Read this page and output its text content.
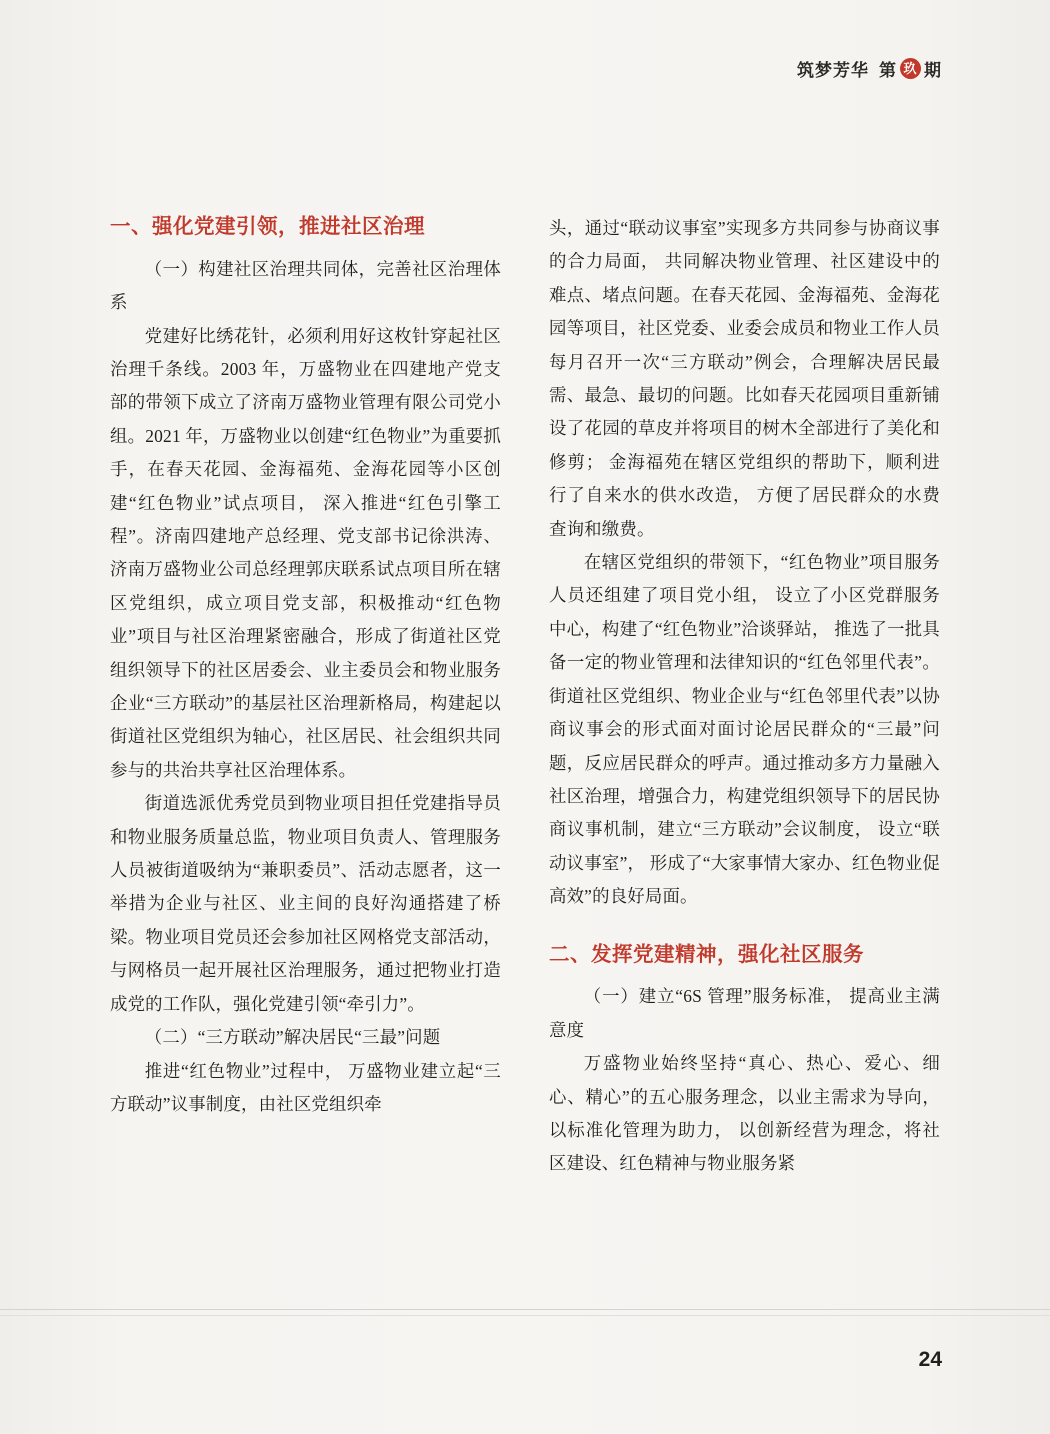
筑梦芳华 第 玖 期
一、强化党建引领，推进社区治理

（一）构建社区治理共同体，完善社区治理体系

党建好比绣花针，必须利用好这枚针穿起社区治理千条线。2003 年，万盛物业在四建地产党支部的带领下成立了济南万盛物业管理有限公司党小组。2021 年，万盛物业以创建“红色物业”为重要抓手，在春天花园、金海福苑、金海花园等小区创建“红色物业”试点项目， 深入推进“红色引擎工程”。济南四建地产总经理、党支部书记徐洪涛、济南万盛物业公司总经理郭庆联系试点项目所在辖区党组织，成立项目党支部，积极推动“红色物业”项目与社区治理紧密融合，形成了街道社区党组织领导下的社区居委会、业主委员会和物业服务企业“三方联动”的基层社区治理新格局，构建起以街道社区党组织为轴心，社区居民、社会组织共同参与的共治共享社区治理体系。

街道选派优秀党员到物业项目担任党建指导员和物业服务质量总监，物业项目负责人、管理服务人员被街道吸纳为“兼职委员”、活动志愿者，这一举措为企业与社区、业主间的良好沟通搭建了桥梁。物业项目党员还会参加社区网格党支部活动，与网格员一起开展社区治理服务，通过把物业打造成党的工作队，强化党建引领“牵引力”。

（二）“三方联动”解决居民“三最”问题

推进“红色物业”过程中， 万盛物业建立起“三方联动”议事制度，由社区党组织牵

头，通过“联动议事室”实现多方共同参与协商议事的合力局面， 共同解决物业管理、社区建设中的难点、堵点问题。在春天花园、金海福苑、金海花园等项目，社区党委、业委会成员和物业工作人员每月召开一次“三方联动”例会，合理解决居民最需、最急、最切的问题。比如春天花园项目重新铺设了花园的草皮并将项目的树木全部进行了美化和修剪； 金海福苑在辖区党组织的帮助下，顺利进行了自来水的供水改造， 方便了居民群众的水费查询和缴费。

在辖区党组织的带领下，“红色物业”项目服务人员还组建了项目党小组， 设立了小区党群服务中心，构建了“红色物业”洽谈驿站， 推选了一批具备一定的物业管理和法律知识的“红色邻里代表”。街道社区党组织、物业企业与“红色邻里代表”以协商议事会的形式面对面讨论居民群众的“三最”问题，反应居民群众的呼声。通过推动多方力量融入社区治理，增强合力，构建党组织领导下的居民协商议事机制，建立“三方联动”会议制度， 设立“联动议事室”， 形成了“大家事情大家办、红色物业促高效”的良好局面。

二、发挥党建精神，强化社区服务

（一）建立“6S 管理”服务标准， 提高业主满意度

万盛物业始终坚持“真心、热心、爱心、细心、精心”的五心服务理念，以业主需求为导向， 以标准化管理为助力， 以创新经营为理念，将社区建设、红色精神与物业服务紧

24
